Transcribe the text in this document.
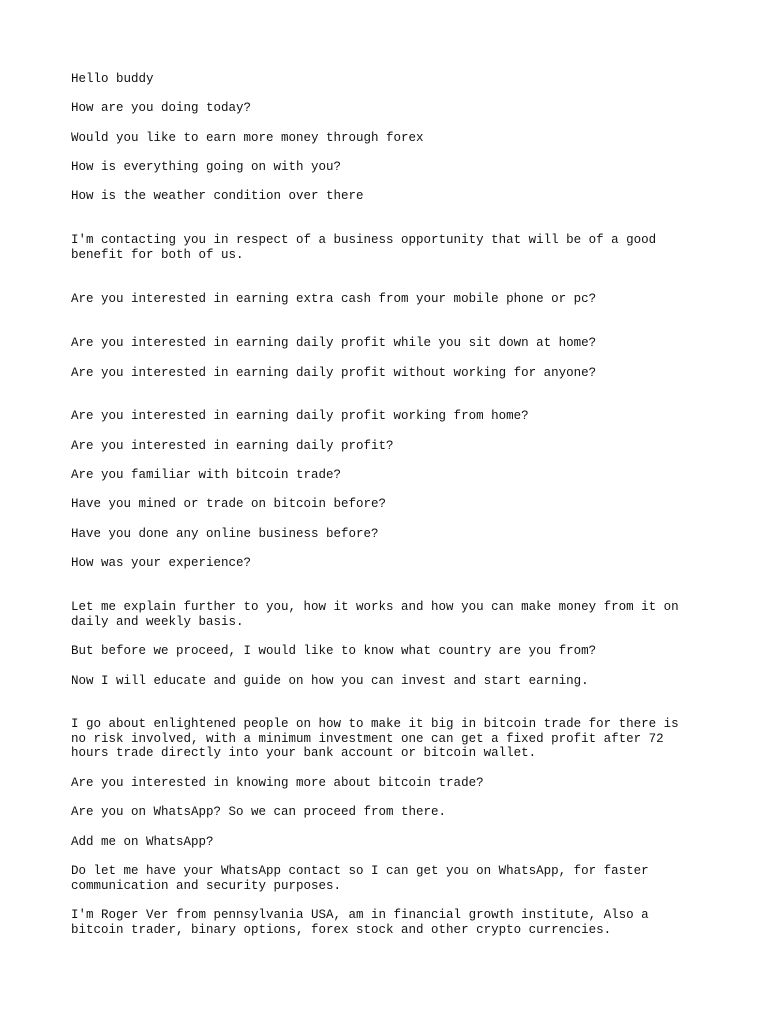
Hello buddy

How are you doing today?

Would you like to earn more money through forex

How is everything going on with you?

How is the weather condition over there

I'm contacting you in respect of a business opportunity that will be of a good
benefit for both of us.

Are you interested in earning extra cash from your mobile phone or pc?

Are you interested in earning daily profit while you sit down at home?

Are you interested in earning daily profit without working for anyone?

Are you interested in earning daily profit working from home?

Are you interested in earning daily profit?

Are you familiar with bitcoin trade?

Have you mined or trade on bitcoin before?

Have you done any online business before?

How was your experience?

Let me explain further to you, how it works and how you can make money from it on
daily and weekly basis.

But before we proceed, I would like to know what country are you from?

Now I will educate and guide on how you can invest and start earning.

I go about enlightened people on how to make it big in bitcoin trade for there is
no risk involved, with a minimum investment one can get a fixed profit after 72
hours trade directly into your bank account or bitcoin wallet.

Are you interested in knowing more about bitcoin trade?

Are you on WhatsApp? So we can proceed from there.

Add me on WhatsApp?

Do let me have your WhatsApp contact so I can get you on WhatsApp, for faster
communication and security purposes.

I'm Roger Ver from pennsylvania USA, am in financial growth institute, Also a
bitcoin trader, binary options, forex stock and other crypto currencies.
